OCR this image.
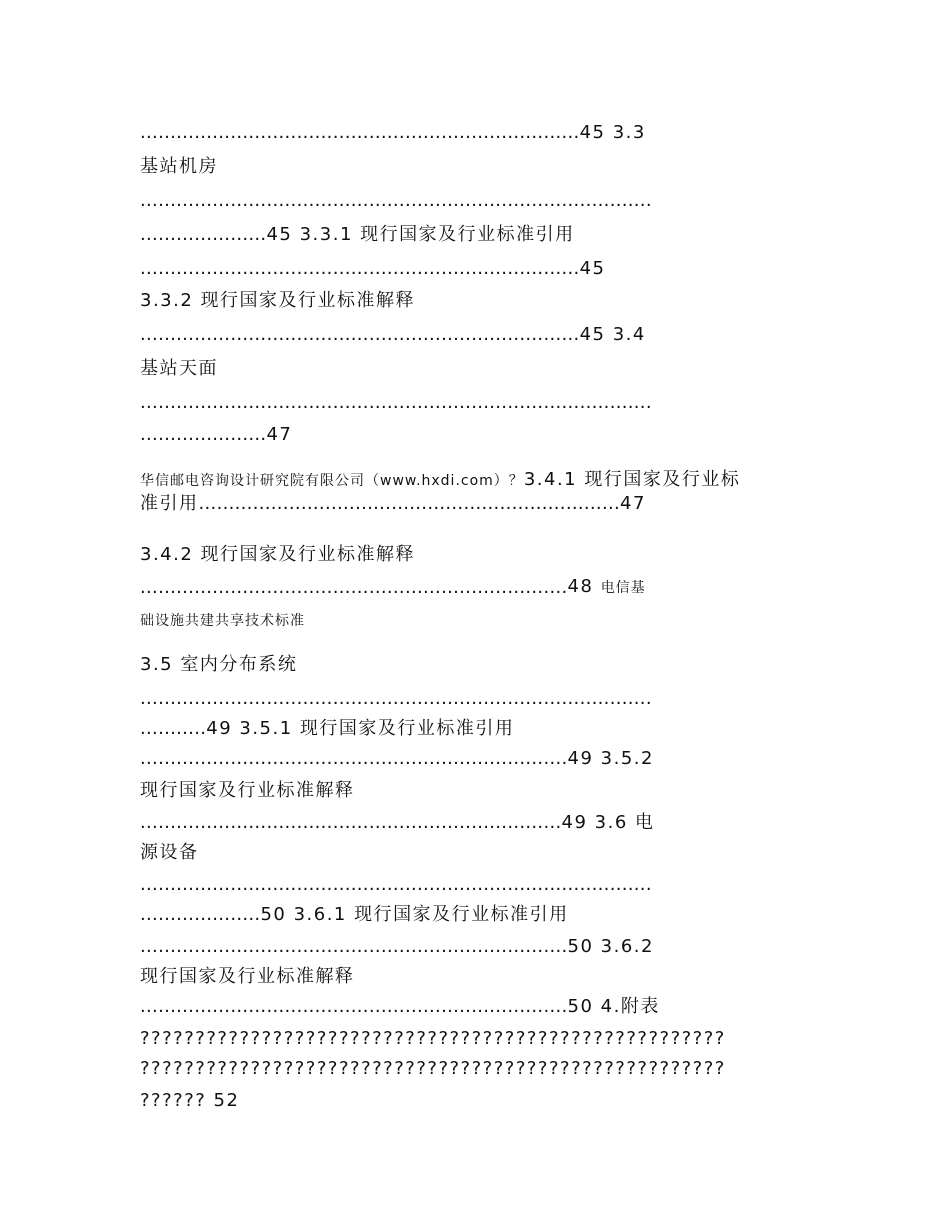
.........................................................................45 3.3
基站机房
.....................................................................................
.....................45 3.3.1 现行国家及行业标准引用
.........................................................................45
3.3.2 现行国家及行业标准解释
.........................................................................45 3.4
基站天面
.....................................................................................
.....................47
华信邮电咨询设计研究院有限公司（www.hxdi.com）？3.4.1 现行国家及行业标
准引用......................................................................47
3.4.2 现行国家及行业标准解释
.......................................................................48 电信基
础设施共建共享技术标准
3.5 室内分布系统
.....................................................................................
...........49 3.5.1 现行国家及行业标准引用
.......................................................................49 3.5.2
现行国家及行业标准解释
......................................................................49 3.6 电
源设备
.....................................................................................
....................50 3.6.1 现行国家及行业标准引用
.......................................................................50 3.6.2
现行国家及行业标准解释
.......................................................................50 4.附表
?????????????????????????????????????????????????????
?????????????????????????????????????????????????????
?????? 52
